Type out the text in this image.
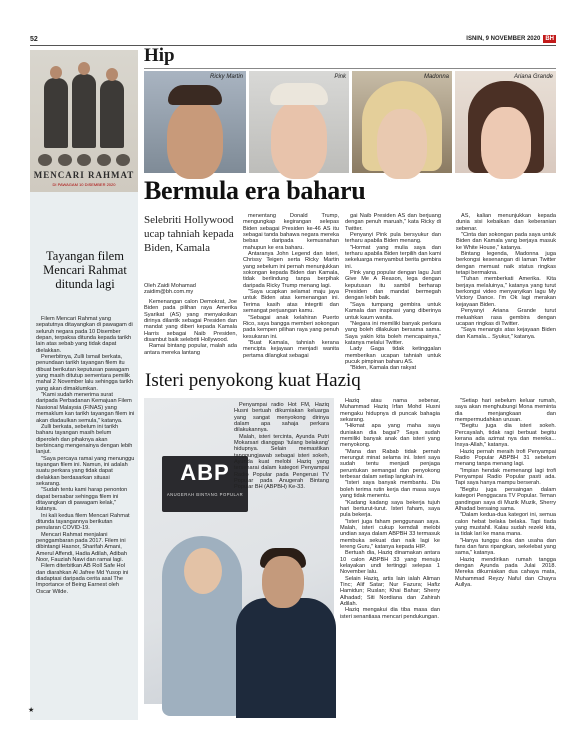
52	ISNIN, 9 NOVEMBER 2020 BH
Hip
MENCARI RAHMAT
DI PAWAGAM 10 DISEMBER 2020
Tayangan filem Mencari Rahmat ditunda lagi

Filem Mencari Rahmat yang sepatutnya ditayangkan di pawagam di seluruh negara pada 10 Disember depan, terpaksa ditunda kepada tarikh lain atas sebab yang tidak dapat dielakkan.

Penerbitnya, Zulli Ismail berkata, penundaan tarikh tayangan filem itu dibuat berikutan keputusan pawagam yang masih ditutup sementara pemilik mahal 2 November lalu sehingga tarikh yang akan dimaklumkan.

"Kami sudah menerima surat daripada Perbadanan Kemajuan Filem Nasional Malaysia (FINAS) yang memaklum kan tarikh tayangan filem ini akan diadaulkan semula," katanya.

Zulli berkata, sebelum ini tarikh baharu tayangan masih belum diperoleh dan pihaknya akan berbincang mengenainya dengan lebih lanjut.

"Saya percaya ramai yang menunggu tayangan filem ini. Namun, ini adalah suatu perkara yang tidak dapat dielakkan berdasarkan situasi sekarang.

"Sudah tentu kami harap penonton dapat bersabar sehingga filem ini ditayangkan di pawagam kelak," katanya.

Ini kali kedua filem Mencari Rahmat ditunda tayangannya berikutan penularan COVID-19.

Mencari Rahmat menjalani penggambaran pada 2017. Filem ini dibintangi Hasnor, Sharifah Amani, Amerul Affendi, Hadia Adilah, Adibah Noor, Fauziah Nawi dan ramai lagi.

Filem diterbitkan AB Roll Safe Hol dan diarahkan Al Jafree Md Yusop ini diadaptasi daripada cerita asal The Importance of Being Earnest oleh Oscar Wilde.

Ricky Martin	Pink	Madonna	Ariana Grande
Bermula era baharu
Selebriti Hollywood ucap tahniah kepada Biden, Kamala
Oleh Zaidi Mohamad
zaidim@bh.com.my

Kemenangan calon Demokrat, Joe Biden pada pilihan raya Amerika Syarikat (AS) yang menyaksikan dirinya dilantik sebagai Presiden dan mandat yang diberi kepada Kamala Harris sebagai Naib Presiden, disambut baik selebriti Hollywood.

Ramai bintang popular, malah ada antara mereka lantang

menentang Donald Trump, mengungkap kegirangan selepas Biden sebagai Presiden ke-46 AS itu sebagai tanda bahawa negara mereka bebas daripada kemusnahan mahupun ke era baharu.

Antaranya John Legend dan isteri, Chrissy Teigen serta Ricky Martin yang sebelum ini pernah menunjukkan sokongan kepada Biden dan Kamala, tidak berlindung tanpa berpihak daripada Ricky Trump menang lagi.

"Saya ucapkan selamat maju jaya untuk Biden atas kemenangan ini. Terima kasih atas integriti dan semangat perjuangan kamu.

"Sebagai anak kelahiran Puerto Rico, saya bangga memberi sokongan pada kempen pilihan raya yang penuh kesukaran ini.

"Buat Kamala, tahniah kerana menciptа kejayaan menjadi wanita pertama dilangkat sebagai

gai Naib Presiden AS dan berjuang dengan penuh maruah," kata Ricky di Twitter.

Penyanyi Pink pula bersyukur dan terharu apabila Biden menang.

"Hormat yang mulia saya dan terharu apabila Biden terpilih dan kami sekeluarga menyambut berita gembira ini.

Pink yang popular dengan lagu Just Give Me A Reason, lega dengan keputusan itu sambil berharap Presiden dan mandat bermegah dengan lebih baik.

"Saya tumpang gembira untuk Kamala dan inspirasi yang diberinya untuk kaum wanita.

"Negara ini memiliki banyak perkara yang boleh dilakukan bersama sama. Saya yakin kita boleh mencapainya," katanya melalui Twitter.

Lady Gaga tidak ketinggalan memberikan ucapan tahniah untuk pucuk pimpinan baharu AS.

"Biden, Kamala dan rakyat

AS, kalian menunjukkan kepada dunia sisi kebaikan dan keberanian sebenar.

"Cinta dan sokongan pada saya untuk Biden dan Kamala yang berjaya masuk ke White House," katanya.

Bintang legenda, Madonna juga berkongsi kesenangan di laman Twitter dengan memuat naik status ringkas tetapi bermakna.

"Tuhan memberkati Amerika. Kita berjaya melaluinya," katanya yang turut berkongsi video menyanyikan lagu My Victory Dance. I'm Ok lagi merakan kejayaan Biden.

Penyanyi Ariana Grande turut meluahkan rasa gembira dengan ucapan ringkas di Twitter.

"Saya menangis atas kejayaan Biden dan Kamala... Syukur," katanya.

Isteri penyokong kuat Haziq
ABP
ANUGERAH BINTANG POPULAR

Penyampai radio Hot FM, Haziq Husni bertuah dikurniakan keluarga yang sangat menyokong dirinya dalam apa sahaja perkara dilakukannya.

Malah, isteri tercinta, Ayunda Putri Mokarsari dianggap 'tulang belakang' hidupnya. Selain memastikan tanggungjawab sebagai isteri sokeh, Ayunda kuat melobi Haziq yang tersenarai dalam kategori Penyampai Radio Popular pada Pengerusi TV Popular pada Anugerah Bintang Popular BH (ABPBH) Ke-33.

Haziq atau nama sebenar, Muhammad Haziq Irfan Mohd Husni mengaku hidupnya di puncak bahagia sekarang.

"Hikmat apa yang maha saya duniakan dia bagai? Saya sudah memiliki banyak anak dan isteri yang menyokong.

"Mana dan Rabab tidak pernah merungut minat selama ini. Isteri saya sudah tentu menjadi penjaga peruntukan semangat dan penyokong terbesar dalam setiap langkah ini.

"Isteri saya banyak membantu. Dia boleh terima rutin kerja dan masa saya yang tidak menentu.

"Kadang kadang saya bekerja tujuh hari berturut-turut. Isteri faham, saya pula bekerja.

"Isteri juga faham penggunaan saya. Malah, isteri cukup kemdali melobi undian saya dalam ABPBH 33 termasuk membuka sekuat dan naik lagi ke lereng Guru," katanya kepada HIP.

Bertuah dia, Haziq dinamakan antara 10 calon ABPBH 33 yang menuju kelayakan undi tertinggi selepas 1 November lalu.

Selain Haziq, artis lain ialah Aliman Tinc; Alif Satar; Nur Fazura; Hafiz Hamidun; Ruslan; Khai Bahar; Sherry Alhadad; Siti Nordiana dan Zahirah Adilah.

Haziq mengakui dia tiba masa dan isteri senantiasa mencari pendukungan.

"Setiap hari sebelum keluar rumah, saya akan menghubungi Mona meminta dia menjangkaan dan mempermudahkan urusan.

"Begitu juga dia isteri sokeh. Percayalah, tidak ragi berbuat begitu kerana ada azimat nya dan mereka... Insya-Allah," katanya.

Haziq pernah meraih trofi Penyampai Radio Popular ABPBH 31 sebelum menang tanpa menang lagi.

"Impian hendak memenangi lagi trofi Penyampai Radio Popular pasti ada. Tapi saya hanya mampu berserah.

"Begitu juga persaingan dalam kategori Penggacara TV Popular. Teman gandingan saya di Muzik Muzik, Sherry Alhadad bersaing sama.

"Dalam kedua-dua kategori ini, semua calon hebat belaka belaka. Tapi tiada yang mustahil. Kalau sudah rezeki kita, ia tidak lari ke mana mana.

"Hanya tunggu doa dan usaha dan fans dan fans ripangkan, sekelebat yang sama," katanya.

Haziq mendirikan rumah tangga dengan Ayunda pada Julai 2018. Mereka dikurniakan dua cahaya mata, Muhammad Reyzy Naful dan Chayra Aullya.

★
